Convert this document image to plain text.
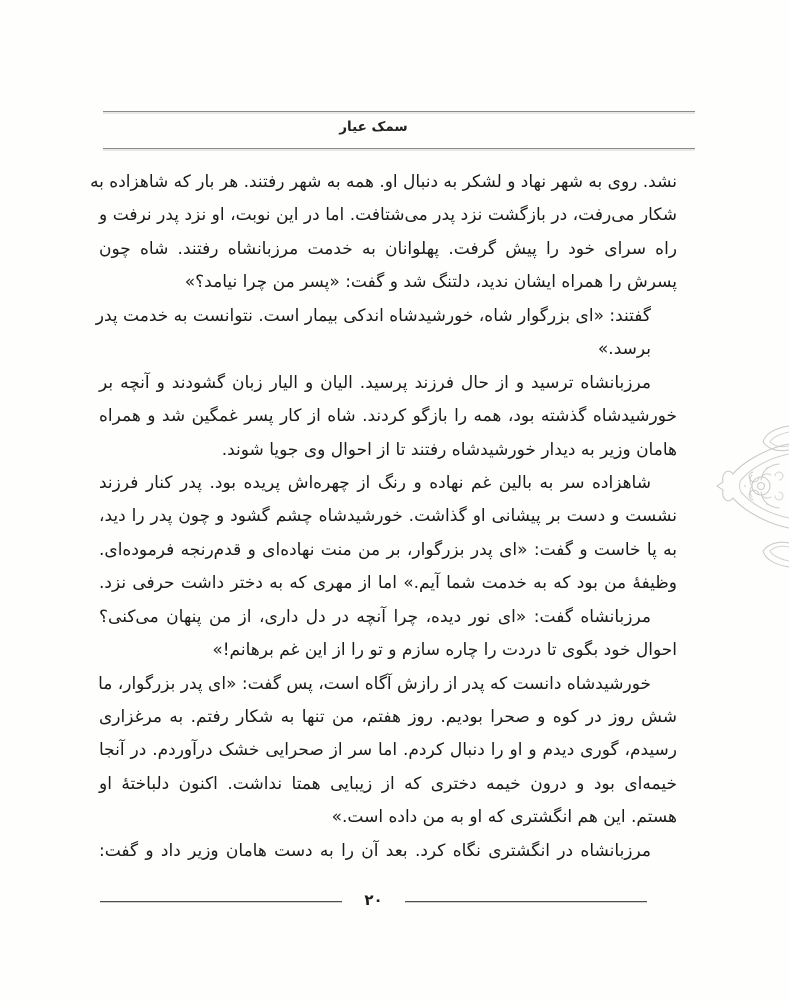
سمک عیار
نشد. روی به شهر نهاد و لشکر به دنبال او. همه به شهر رفتند. هر بار که شاهزاده به
شکار می‌رفت، در بازگشت نزد پدر می‌شتافت. اما در این نوبت، او نزد پدر نرفت و
راه سرای خود را پیش گرفت. پهلوانان به خدمت مرزبانشاه رفتند. شاه چون
پسرش را همراه ایشان ندید، دلتنگ شد و گفت: «پسر من چرا نیامد؟»
گفتند: «ای بزرگوار شاه، خورشیدشاه اندکی بیمار است. نتوانست به خدمت پدر
برسد.»
مرزبانشاه ترسید و از حال فرزند پرسید. الیان و الیار زبان گشودند و آنچه بر
خورشیدشاه گذشته بود، همه را بازگو کردند. شاه از کار پسر غمگین شد و همراه
هامان وزیر به دیدار خورشیدشاه رفتند تا از احوال وی جویا شوند.
شاهزاده سر به بالین غم نهاده و رنگ از چهره‌اش پریده بود. پدر کنار فرزند
نشست و دست بر پیشانی او گذاشت. خورشیدشاه چشم گشود و چون پدر را دید،
به پا خاست و گفت: «ای پدر بزرگوار، بر من منت نهاده‌ای و قدم‌رنجه فرموده‌ای.
وظیفهٔ من بود که به خدمت شما آیم.» اما از مهری که به دختر داشت حرفی نزد.
مرزبانشاه گفت: «ای نور دیده، چرا آنچه در دل داری، از من پنهان می‌کنی؟
احوال خود بگوی تا دردت را چاره سازم و تو را از این غم برهانم!»
خورشیدشاه دانست که پدر از رازش آگاه است، پس گفت: «ای پدر بزرگوار، ما
شش روز در کوه و صحرا بودیم. روز هفتم، من تنها به شکار رفتم. به مرغزاری
رسیدم، گوری دیدم و او را دنبال کردم. اما سر از صحرایی خشک درآوردم. در آنجا
خیمه‌ای بود و درون خیمه دختری که از زیبایی همتا نداشت. اکنون دلباختهٔ او
هستم. این هم انگشتری که او به من داده است.»
مرزبانشاه در انگشتری نگاه کرد. بعد آن را به دست هامان وزیر داد و گفت:
۲۰
